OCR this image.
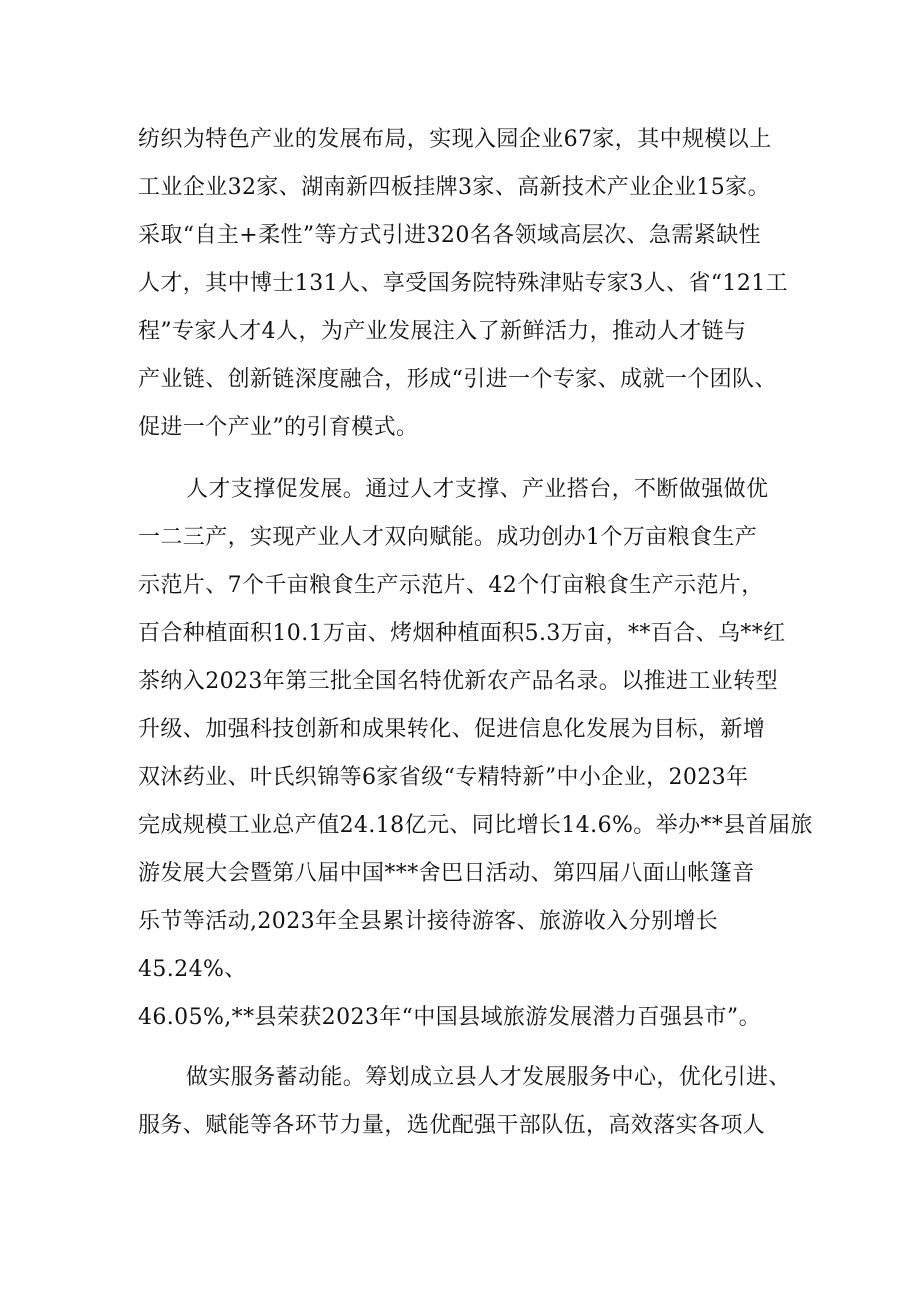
纺织为特色产业的发展布局，实现入园企业67家，其中规模以上
工业企业32家、湖南新四板挂牌3家、高新技术产业企业15家。
采取“自主+柔性”等方式引进320名各领域高层次、急需紧缺性
人才，其中博士131人、享受国务院特殊津贴专家3人、省“121工
程”专家人才4人，为产业发展注入了新鲜活力，推动人才链与
产业链、创新链深度融合，形成“引进一个专家、成就一个团队、
促进一个产业”的引育模式。
人才支撑促发展。通过人才支撑、产业搭台，不断做强做优
一二三产，实现产业人才双向赋能。成功创办1个万亩粮食生产
示范片、7个千亩粮食生产示范片、42个仃亩粮食生产示范片，
百合种植面积10.1万亩、烤烟种植面积5.3万亩，**百合、乌**红
茶纳入2023年第三批全国名特优新农产品名录。以推进工业转型
升级、加强科技创新和成果转化、促进信息化发展为目标，新增
双沐药业、叶氏织锦等6家省级“专精特新”中小企业，2023年
完成规模工业总产值24.18亿元、同比增长14.6%。举办**县首届旅
游发展大会暨第八届中国***舍巴日活动、第四届八面山帐篷音
乐节等活动,2023年全县累计接待游客、旅游收入分别增长
45.24%、
46.05%,**县荣获2023年“中国县域旅游发展潜力百强县市”。
做实服务蓄动能。筹划成立县人才发展服务中心，优化引进、
服务、赋能等各环节力量，选优配强干部队伍，高效落实各项人
